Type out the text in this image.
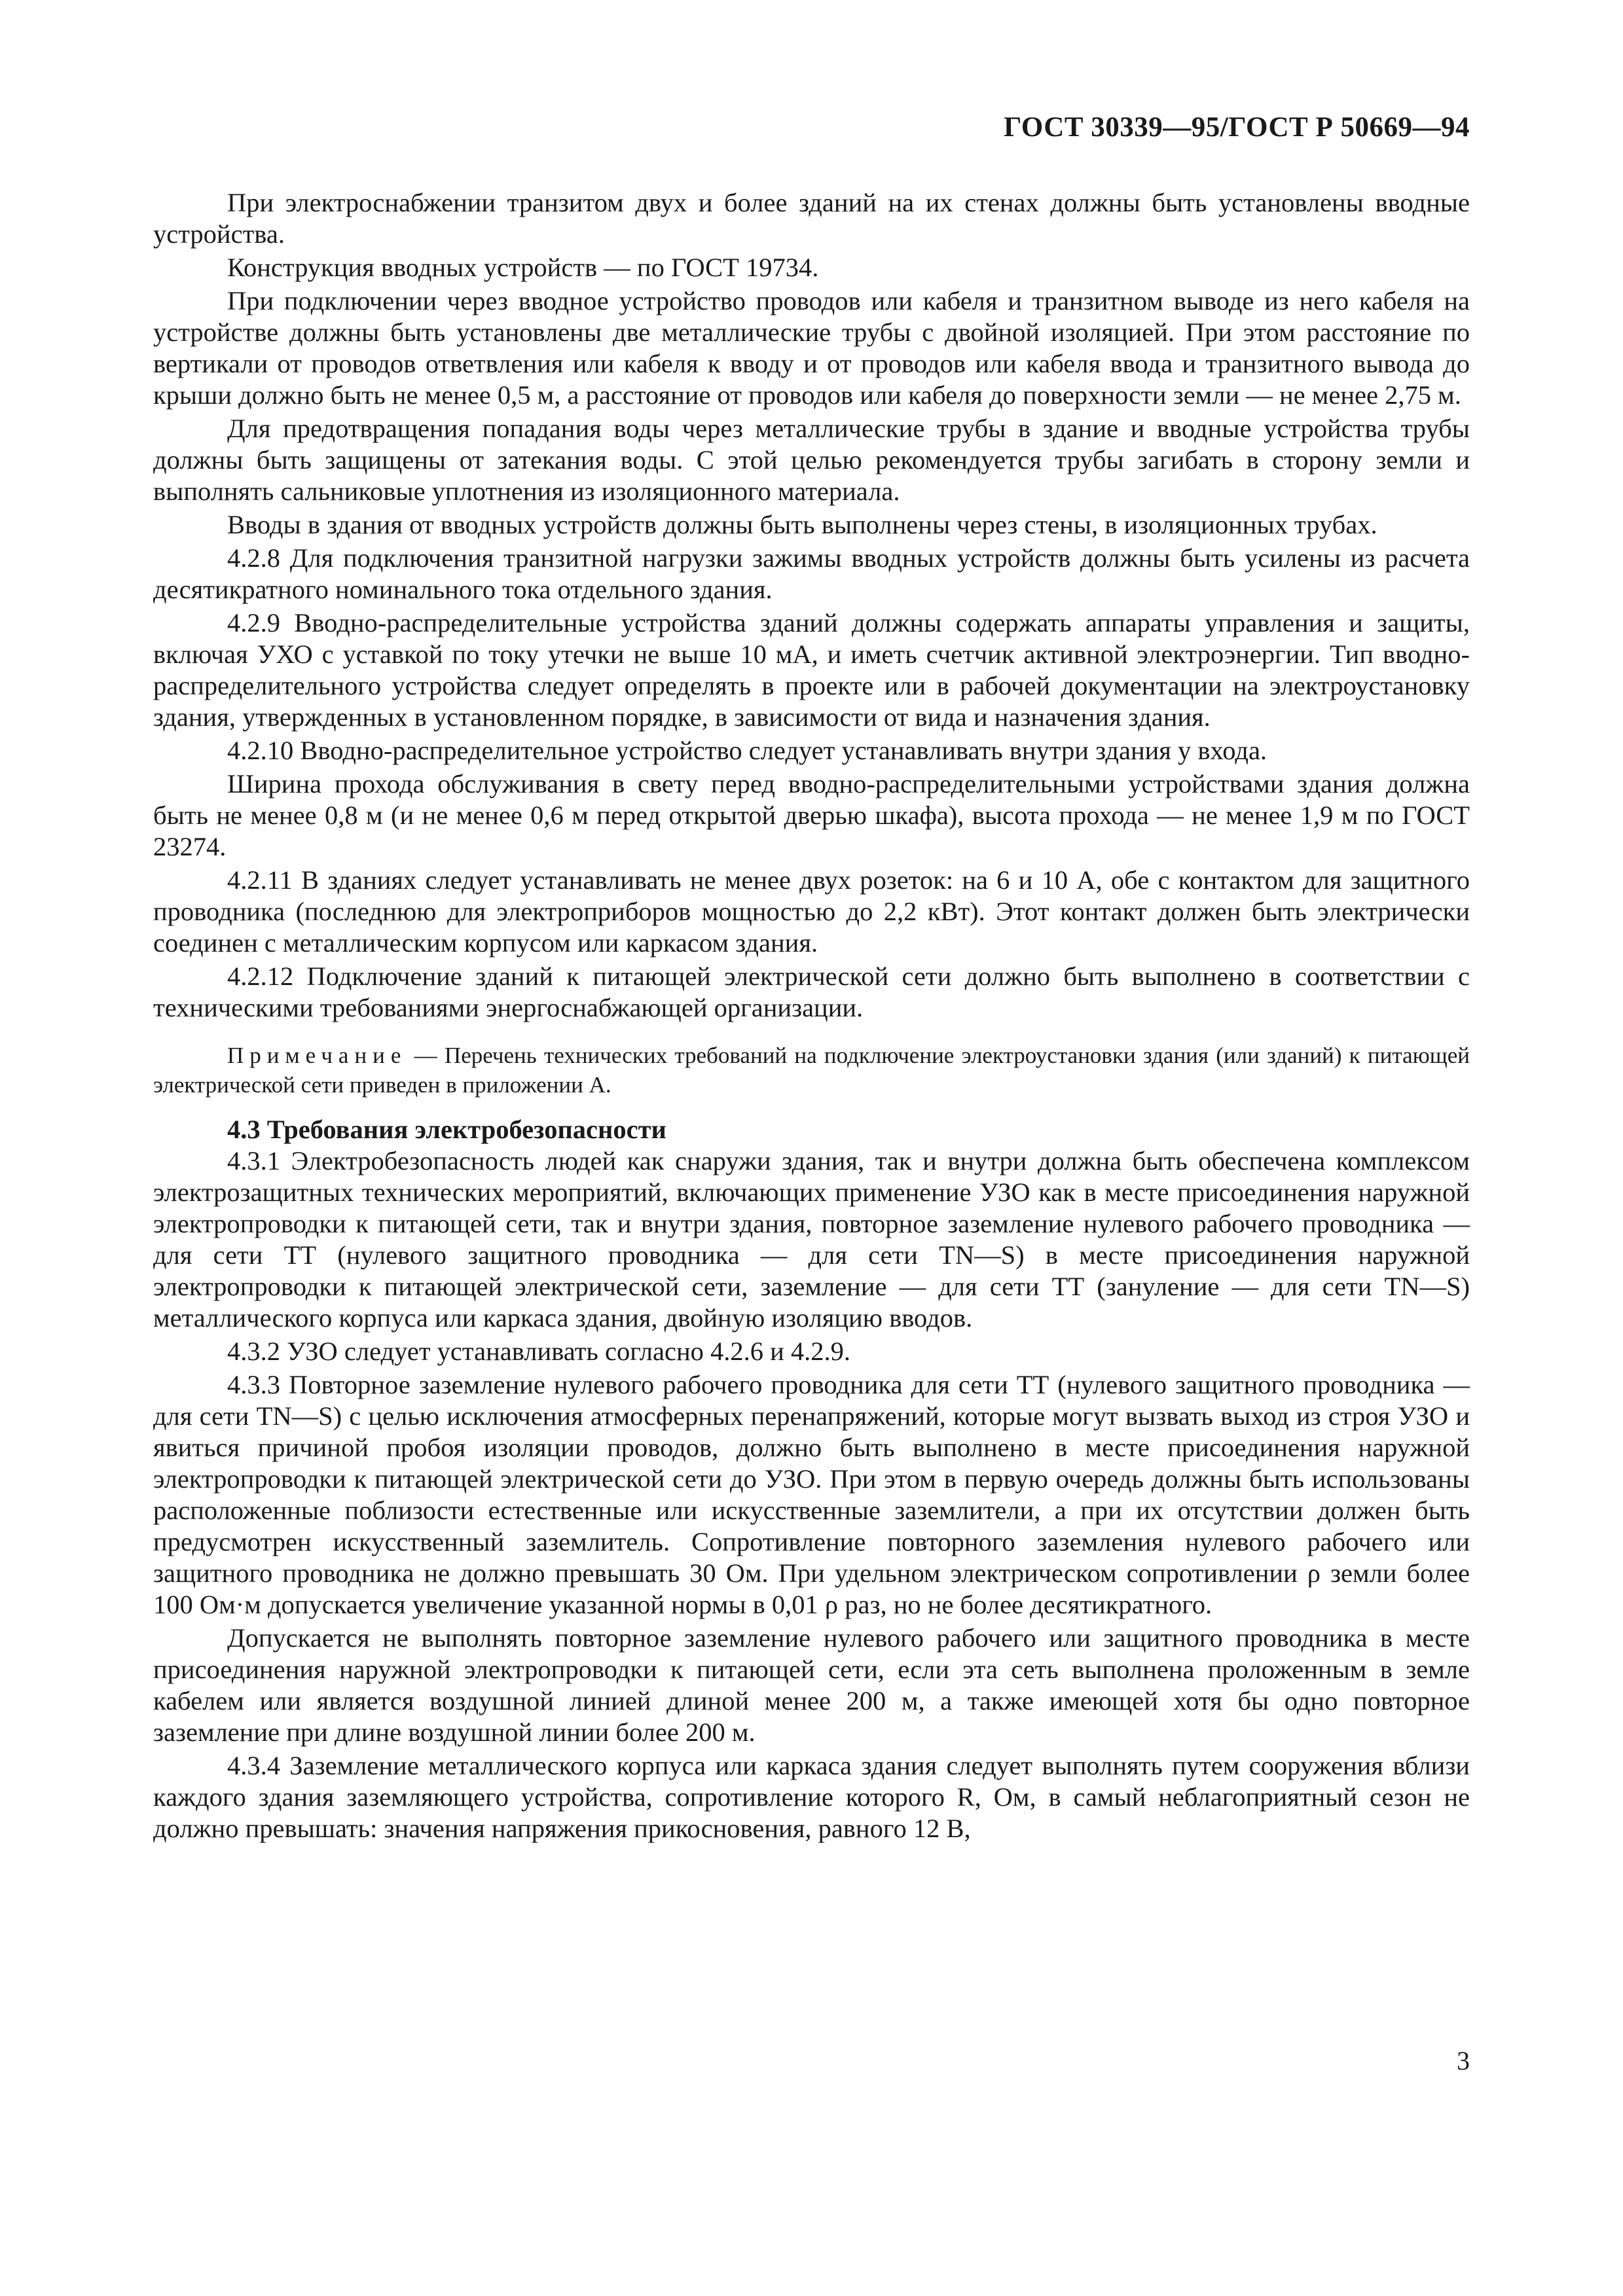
ГОСТ 30339—95/ГОСТ Р 50669—94

При электроснабжении транзитом двух и более зданий на их стенах должны быть установлены вводные устройства.

Конструкция вводных устройств — по ГОСТ 19734.

При подключении через вводное устройство проводов или кабеля и транзитном выводе из него кабеля на устройстве должны быть установлены две металлические трубы с двойной изоляцией. При этом расстояние по вертикали от проводов ответвления или кабеля к вводу и от проводов или кабеля ввода и транзитного вывода до крыши должно быть не менее 0,5 м, а расстояние от проводов или кабеля до поверхности земли — не менее 2,75 м.

Для предотвращения попадания воды через металлические трубы в здание и вводные устройства трубы должны быть защищены от затекания воды. С этой целью рекомендуется трубы загибать в сторону земли и выполнять сальниковые уплотнения из изоляционного материала.

Вводы в здания от вводных устройств должны быть выполнены через стены, в изоляционных трубах.

4.2.8 Для подключения транзитной нагрузки зажимы вводных устройств должны быть усилены из расчета десятикратного номинального тока отдельного здания.

4.2.9 Вводно-распределительные устройства зданий должны содержать аппараты управления и защиты, включая УХО с уставкой по току утечки не выше 10 мА, и иметь счетчик активной электроэнергии. Тип вводно-распределительного устройства следует определять в проекте или в рабочей документации на электроустановку здания, утвержденных в установленном порядке, в зависимости от вида и назначения здания.

4.2.10 Вводно-распределительное устройство следует устанавливать внутри здания у входа.

Ширина прохода обслуживания в свету перед вводно-распределительными устройствами здания должна быть не менее 0,8 м (и не менее 0,6 м перед открытой дверью шкафа), высота прохода — не менее 1,9 м по ГОСТ 23274.

4.2.11 В зданиях следует устанавливать не менее двух розеток: на 6 и 10 А, обе с контактом для защитного проводника (последнюю для электроприборов мощностью до 2,2 кВт). Этот контакт должен быть электрически соединен с металлическим корпусом или каркасом здания.

4.2.12 Подключение зданий к питающей электрической сети должно быть выполнено в соответствии с техническими требованиями энергоснабжающей организации.

Примечание — Перечень технических требований на подключение электроустановки здания (или зданий) к питающей электрической сети приведен в приложении А.

4.3 Требования электробезопасности

4.3.1 Электробезопасность людей как снаружи здания, так и внутри должна быть обеспечена комплексом электрозащитных технических мероприятий, включающих применение УЗО как в месте присоединения наружной электропроводки к питающей сети, так и внутри здания, повторное заземление нулевого рабочего проводника — для сети ТТ (нулевого защитного проводника — для сети TN—S) в месте присоединения наружной электропроводки к питающей электрической сети, заземление — для сети ТТ (зануление — для сети TN—S) металлического корпуса или каркаса здания, двойную изоляцию вводов.

4.3.2 УЗО следует устанавливать согласно 4.2.6 и 4.2.9.

4.3.3 Повторное заземление нулевого рабочего проводника для сети ТТ (нулевого защитного проводника — для сети TN—S) с целью исключения атмосферных перенапряжений, которые могут вызвать выход из строя УЗО и явиться причиной пробоя изоляции проводов, должно быть выполнено в месте присоединения наружной электропроводки к питающей электрической сети до УЗО. При этом в первую очередь должны быть использованы расположенные поблизости естественные или искусственные заземлители, а при их отсутствии должен быть предусмотрен искусственный заземлитель. Сопротивление повторного заземления нулевого рабочего или защитного проводника не должно превышать 30 Ом. При удельном электрическом сопротивлении ρ земли более 100 Ом·м допускается увеличение указанной нормы в 0,01 ρ раз, но не более десятикратного.

Допускается не выполнять повторное заземление нулевого рабочего или защитного проводника в месте присоединения наружной электропроводки к питающей сети, если эта сеть выполнена проложенным в земле кабелем или является воздушной линией длиной менее 200 м, а также имеющей хотя бы одно повторное заземление при длине воздушной линии более 200 м.

4.3.4 Заземление металлического корпуса или каркаса здания следует выполнять путем сооружения вблизи каждого здания заземляющего устройства, сопротивление которого R, Ом, в самый неблагоприятный сезон не должно превышать: значения напряжения прикосновения, равного 12 В,

3
